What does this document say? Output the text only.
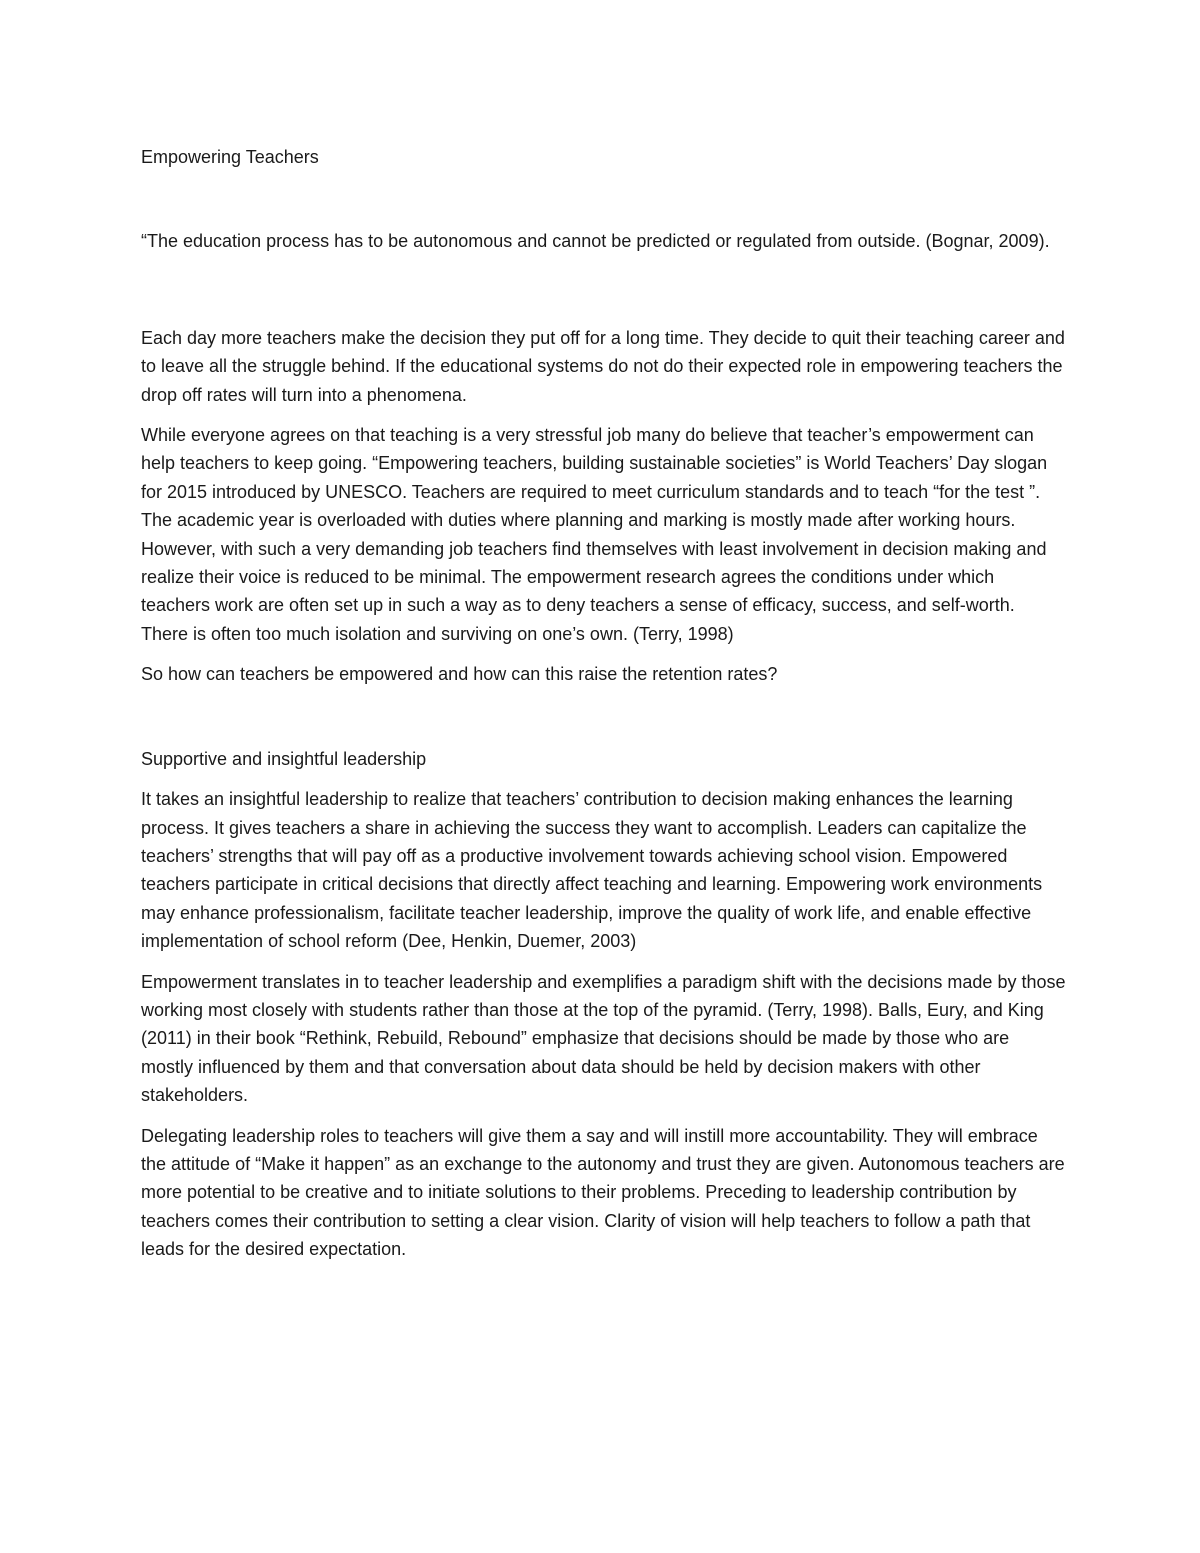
Empowering Teachers

“The education process has to be autonomous and cannot be predicted or regulated from outside. (Bognar, 2009).

Each day more teachers make the decision they put off for a long time. They decide to quit their teaching career and to leave all the struggle behind. If the educational systems do not do their expected role in empowering teachers the drop off rates will turn into a phenomena.

While everyone agrees on that teaching is a very stressful job many do believe that teacher’s empowerment can help teachers to keep going. “Empowering teachers, building sustainable societies” is World Teachers’ Day slogan for 2015 introduced by UNESCO. Teachers are required to meet curriculum standards and to teach “for the test ”. The academic year is overloaded with duties where planning and marking is mostly made after working hours. However, with such a very demanding job teachers find themselves with least involvement in decision making and realize their voice is reduced to be minimal. The empowerment research agrees the conditions under which teachers work are often set up in such a way as to deny teachers a sense of efficacy, success, and self-worth. There is often too much isolation and surviving on one’s own. (Terry, 1998)

So how can teachers be empowered and how can this raise the retention rates?

Supportive and insightful leadership

It takes an insightful leadership to realize that teachers’ contribution to decision making enhances the learning process. It gives teachers a share in achieving the success they want to accomplish. Leaders can capitalize the teachers’ strengths that will pay off as a productive involvement towards achieving school vision. Empowered teachers participate in critical decisions that directly affect teaching and learning. Empowering work environments may enhance professionalism, facilitate teacher leadership, improve the quality of work life, and enable effective implementation of school reform (Dee, Henkin, Duemer, 2003)

Empowerment translates in to teacher leadership and exemplifies a paradigm shift with the decisions made by those working most closely with students rather than those at the top of the pyramid. (Terry, 1998). Balls, Eury, and King (2011) in their book “Rethink, Rebuild, Rebound” emphasize that decisions should be made by those who are mostly influenced by them and that conversation about data should be held by decision makers with other stakeholders.

Delegating leadership roles to teachers will give them a say and will instill more accountability. They will embrace the attitude of “Make it happen” as an exchange to the autonomy and trust they are given. Autonomous teachers are more potential to be creative and to initiate solutions to their problems. Preceding to leadership contribution by teachers comes their contribution to setting a clear vision. Clarity of vision will help teachers to follow a path that leads for the desired expectation.
